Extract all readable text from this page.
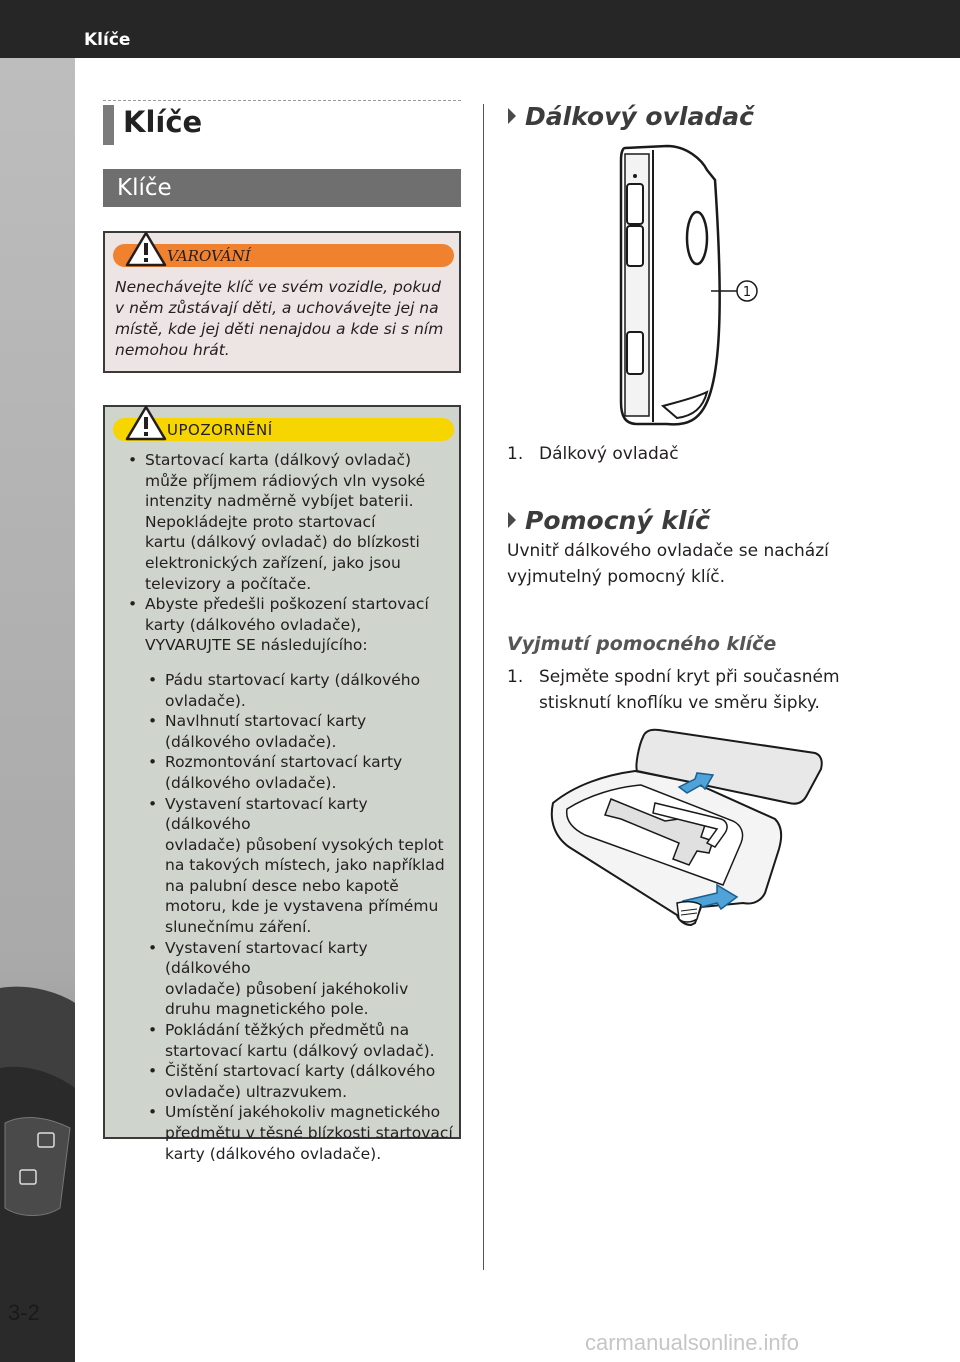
Klíče
3-2
Klíče
Klíče
VAROVÁNÍ
Nenechávejte klíč ve svém vozidle, pokud
v něm zůstávají děti, a uchovávejte jej na
místě, kde jej děti nenajdou a kde si s ním
nemohou hrát.
UPOZORNĚNÍ
• Startovací karta (dálkový ovladač)
může příjmem rádiových vln vysoké
intenzity nadměrně vybíjet baterii.
Nepokládejte proto startovací
kartu (dálkový ovladač) do blízkosti
elektronických zařízení, jako jsou
televizory a počítače.
• Abyste předešli poškození startovací
karty (dálkového ovladače),
VYVARUJTE SE následujícího:
• Pádu startovací karty (dálkového
ovladače).
• Navlhnutí startovací karty
(dálkového ovladače).
• Rozmontování startovací karty
(dálkového ovladače).
• Vystavení startovací karty (dálkového
ovladače) působení vysokých teplot
na takových místech, jako například
na palubní desce nebo kapotě
motoru, kde je vystavena přímému
slunečnímu záření.
• Vystavení startovací karty (dálkového
ovladače) působení jakéhokoliv
druhu magnetického pole.
• Pokládání těžkých předmětů na
startovací kartu (dálkový ovladač).
• Čištění startovací karty (dálkového
ovladače) ultrazvukem.
• Umístění jakéhokoliv magnetického
předmětu v těsné blízkosti startovací
karty (dálkového ovladače).
Dálkový ovladač
1
1. Dálkový ovladač
Pomocný klíč
Uvnitř dálkového ovladače se nachází
vyjmutelný pomocný klíč.
Vyjmutí pomocného klíče
1. Sejměte spodní kryt při současném
stisknutí knoflíku ve směru šipky.
carmanualsonline.info
